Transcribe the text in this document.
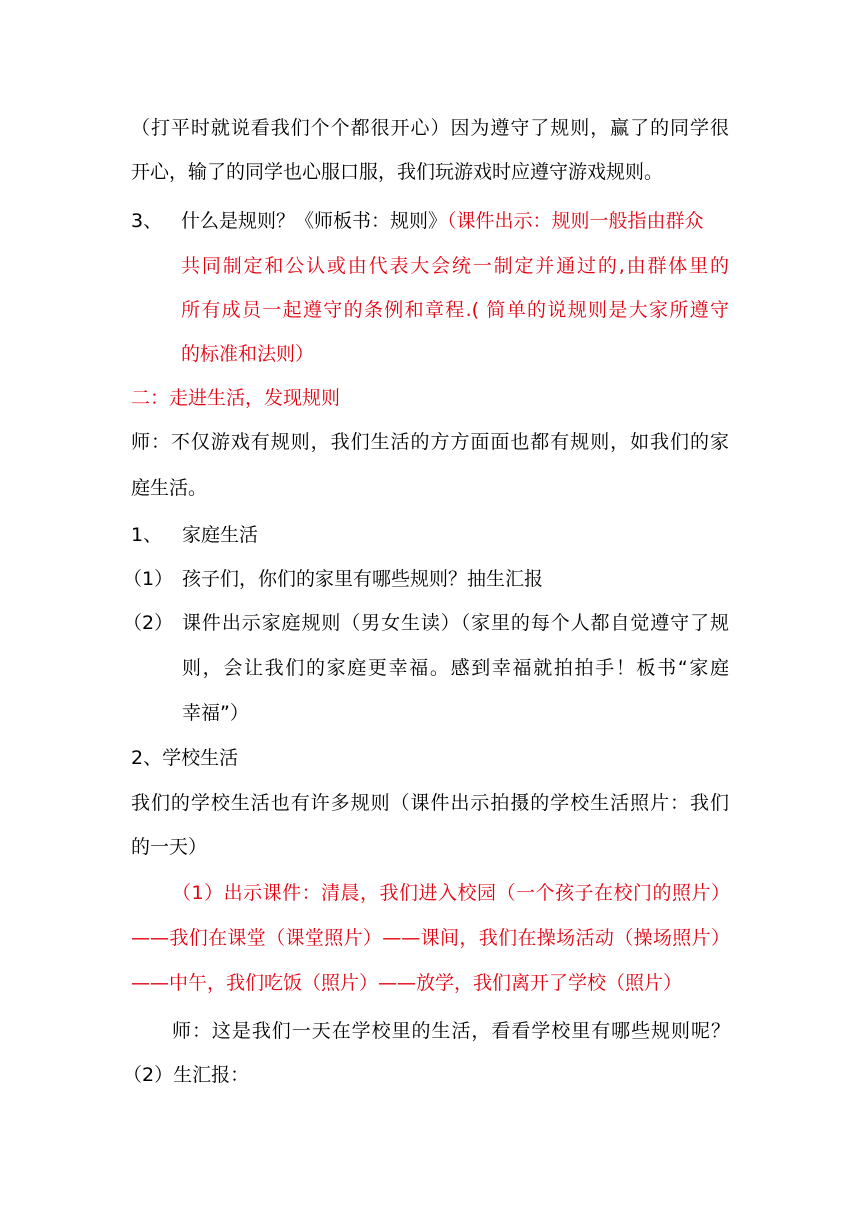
（打平时就说看我们个个都很开心）因为遵守了规则，赢了的同学很
开心，输了的同学也心服口服，我们玩游戏时应遵守游戏规则。
3、 什么是规则？《师板书：规则》（课件出示：规则一般指由群众
共同制定和公认或由代表大会统一制定并通过的,由群体里的
所有成员一起遵守的条例和章程.( 简单的说规则是大家所遵守
的标准和法则）
二：走进生活，发现规则
师：不仅游戏有规则，我们生活的方方面面也都有规则，如我们的家
庭生活。
1、 家庭生活
（1） 孩子们，你们的家里有哪些规则？抽生汇报
（2） 课件出示家庭规则（男女生读）（家里的每个人都自觉遵守了规
则，会让我们的家庭更幸福。感到幸福就拍拍手！板书“家庭
幸福”）
2、学校生活
我们的学校生活也有许多规则（课件出示拍摄的学校生活照片：我们
的一天）
（1）出示课件：清晨，我们进入校园（一个孩子在校门的照片）
——我们在课堂（课堂照片）——课间，我们在操场活动（操场照片）
——中午，我们吃饭（照片）——放学，我们离开了学校（照片）
师：这是我们一天在学校里的生活，看看学校里有哪些规则呢？
（2）生汇报：
